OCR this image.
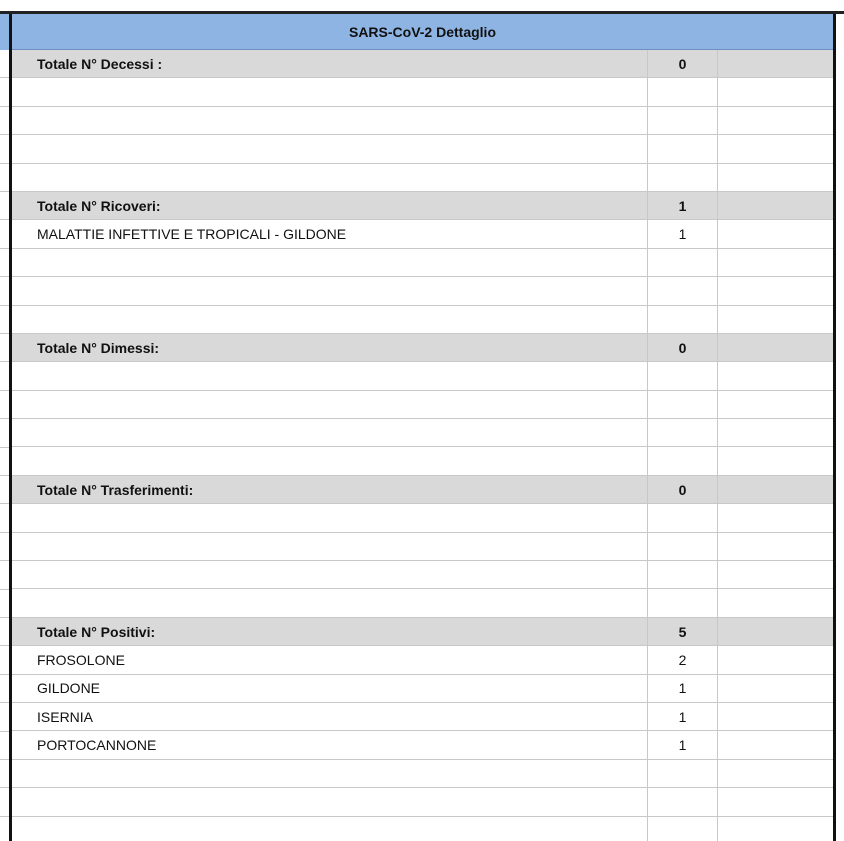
SARS-CoV-2 Dettaglio
Totale N° Decessi :	0
Totale N° Ricoveri:	1
MALATTIE INFETTIVE E TROPICALI - GILDONE	1
Totale N° Dimessi:	0
Totale N° Trasferimenti:	0
Totale N° Positivi:	5
FROSOLONE	2
GILDONE	1
ISERNIA	1
PORTOCANNONE	1
